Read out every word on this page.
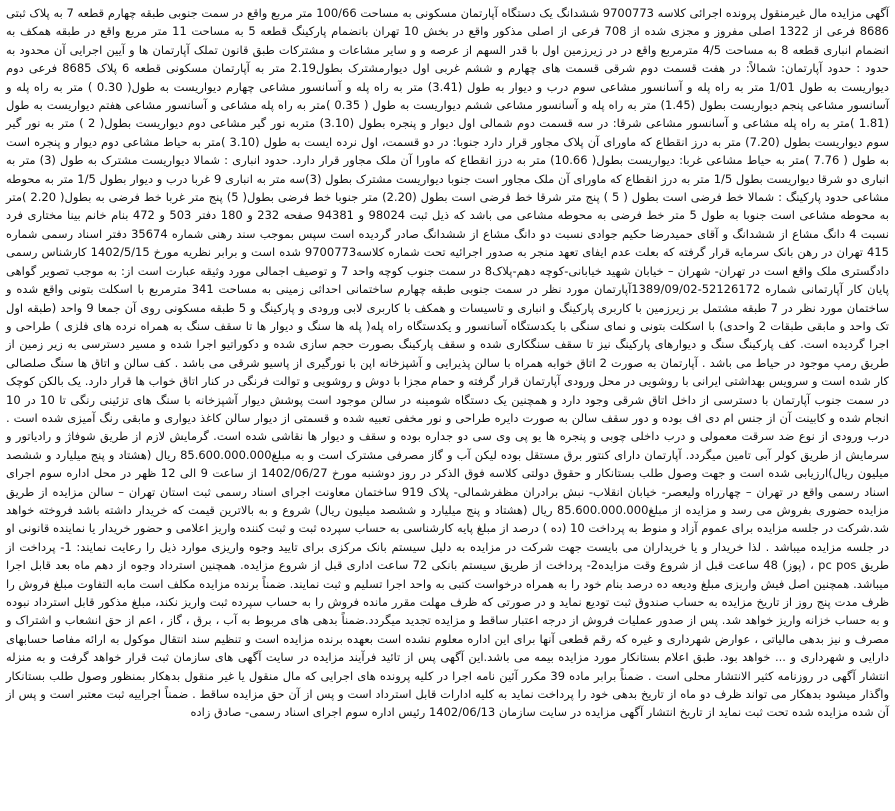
آگهی مزایده مال غیرمنقول پرونده اجرائی کلاسه 9700773 ششدانگ یک دستگاه آپارتمان مسکونی به مساحت 100/66 متر مربع واقع در سمت جنوبی طبقه چهارم قطعه 7 به پلاک ثبتی 8686 فرعی از 1322 اصلی مفروز و مجزی شده از 708 فرعی از اصلی مذکور واقع در بخش 10 تهران بانضمام پارکینگ قطعه 5 به مساحت 11 متر مربع واقع در طبقه همکف به انضمام انباری قطعه 8 به مساحت 4/5 مترمربع واقع در در زیرزمین اول با قدر السهم از عرصه و و سایر مشاعات و مشترکات طبق قانون تملک آپارتمان ها و آیین اجرایی آن محدود به حدود : حدود آپارتمان: شمالاً: در هفت قسمت دوم شرقی قسمت های چهارم و ششم غربی اول دیوارمشترک بطول2.19 متر به آپارتمان مسکونی قطعه 6 پلاک 8685 فرعی دوم دیواریست به طول 1/01 متر به راه پله و آسانسور مشاعی سوم درب و دیوار به طول (3.41) متر به راه پله و آسانسور مشاعی چهارم دیواریست به طول( 0.30 ) متر به راه پله و آسانسور مشاعی پنجم دیواریست بطول (1.45) متر به راه پله و آسانسور مشاعی ششم دیواریست به طول ( 0.35 )متر به راه پله مشاعی و آسانسور مشاعی هفتم دیواریست به طول (1.81 )متر به راه پله مشاعی و آسانسور مشاعی شرقا: در سه قسمت دوم شمالی اول دیوار و پنجره بطول (3.10) متربه نور گیر مشاعی دوم دیواریست بطول( 2 ) متر به نور گیر سوم دیواریست بطول (7.20) متر به درز انقطاع که ماورای آن پلاک مجاور قرار دارد جنوبا: در دو قسمت، اول نرده ایست به طول (3.10 )متر به حیاط مشاعی دوم دیوار و پنجره است به طول ( 7.76 )متر به حیاط مشاعی غربا: دیواریست بطول( 10.66) متر به درز انقطاع که ماورا آن ملک مجاور قرار دارد. حدود انباری : شمالا دیواریست مشترک به طول (3) متر به انباری دو شرقا دیواریست بطول 1/5 متر به درز انقطاع که ماورای آن ملک مجاور است جنوبا دیواریست مشترک بطول (3)سه متر به انباری 9 غربا درب و دیوار بطول 1/5 متر به محوطه مشاعی حدود پارکینگ : شمالا خط فرضی است بطول ( 5 ) پنج متر شرقا خط فرضی است بطول (2.20) متر جنوبا خط فرضی بطول( 5) پنج متر غربا خط فرضی به بطول( 2.20 )متر به محوطه مشاعی است جنوبا به طول 5 متر خط فرضی به محوطه مشاعی می باشد که ذیل ثبت 98024 و 94381 صفحه 232 و 180 دفتر 503 و 472 بنام خانم بینا مختاری فرد نسبت 4 دانگ مشاع از ششدانگ و آقای حمیدرضا حکیم جوادی نسبت دو دانگ مشاع از ششدانگ صادر گردیده است سپس بموجب سند رهنی شماره 35674 دفتر اسناد رسمی شماره 415 تهران در رهن بانک سرمایه قرار گرفته که بعلت عدم ایفای تعهد منجر به صدور اجرائیه تحت شماره کلاسه9700773 شده است و برابر نظریه مورخ 1402/5/15 کارشناس رسمی دادگستری ملک واقع است در تهران- شهران – خیابان شهید خیابانی-کوچه دهم-پلاک8 در سمت جنوب کوچه واحد 7 و توصیف اجمالی مورد وثیقه عبارت است از: به موجب تصویر گواهی پایان کار آپارتمانی شماره 52126172-1389/09/02آپارتمان مورد نظر در سمت جنوبی طبقه چهارم ساختمانی احداثی زمینی به مساحت 341 مترمربع با اسکلت بتونی واقع شده و ساختمان مورد نظر در 7 طبقه مشتمل بر زیرزمین با کاربری پارکینگ و انباری و تاسیسات و همکف با کاربری لابی ورودی و پارکینگ و 5 طبقه مسکونی روی آن جمعا 9 واحد (طبقه اول تک واحد و مابقی طبقات 2 واحدی) با اسکلت بتونی و نمای سنگی با یکدستگاه آسانسور و یکدستگاه راه پله( پله ها سنگ و دیوار ها تا سقف سنگ به همراه نرده های فلزی ) طراحی و اجرا گردیده است. کف پارکینگ سنگ و دیوارهای پارکینگ نیز تا سقف سنگکاری شده و سقف پارکینگ بصورت حجم سازی شده و دکوراتیو اجرا شده و مسیر دسترسی به زیر زمین از طریق رمپ موجود در حیاط می باشد . آپارتمان به صورت 2 اتاق خوابه همراه با سالن پذیرایی و آشپزخانه اپن با نورگیری از پاسیو شرقی می باشد . کف سالن و اتاق ها سنگ صلصالی کار شده است و سرویس بهداشتی ایرانی با روشویی در محل ورودی آپارتمان قرار گرفته و حمام مجزا با دوش و روشویی و توالت فرنگی در کنار اتاق خواب ها قرار دارد. یک بالکن کوچک در سمت جنوب آپارتمان با دسترسی از داخل اتاق شرقی وجود دارد و همچنین یک دستگاه شومینه در سالن موجود است پوشش دیوار آشپزخانه با سنگ های تزئینی رنگی تا 10 در 10 انجام شده و کابینت آن از جنس ام دی اف بوده و دور سقف سالن به صورت دایره طراحی و نور مخفی تعبیه شده و قسمتی از دیوار سالن کاغذ دیواری و مابقی رنگ آمیزی شده است . درب ورودی از نوع ضد سرقت معمولی و درب داخلی چوبی و پنجره ها یو پی وی سی دو جداره بوده و سقف و دیوار ها نقاشی شده است. گرمایش لازم از طریق شوفاژ و رادیاتور و سرمایش از طریق کولر آبی تامین میگردد. آپارتمان دارای کنتور برق مستقل بوده لیکن آب و گاز مصرفی مشترک است و به مبلغ85.600.000.000 ریال (هشتاد و پنج میلیارد و ششصد میلیون ریال)ارزیابی شده است و جهت وصول طلب بستانکار و حقوق دولتی کلاسه فوق الذکر در روز دوشنبه مورخ 1402/06/27 از ساعت 9 الی 12 ظهر در محل اداره سوم اجرای اسناد رسمی واقع در تهران – چهارراه ولیعصر- خیابان انقلاب- نبش برادران مظفرشمالی- پلاک 919 ساختمان معاونت اجرای اسناد رسمی ثبت استان تهران – سالن مزایده از طریق مزایده حضوری بفروش می رسد و مزایده از مبلغ85.600.000.000 ریال (هشتاد و پنج میلیارد و ششصد میلیون ریال) شروع و به بالاترین قیمت که خریدار داشته باشد فروخته خواهد شد.شرکت در جلسه مزایده برای عموم آزاد و منوط به پرداخت 10 (ده ) درصد از مبلغ پایه کارشناسی به حساب سپرده ثبت و ثبت کننده واریز اعلامی و حضور خریدار یا نماینده قانونی او در جلسه مزایده میباشد . لذا خریدار و یا خریداران می بایست جهت شرکت در مزایده به دلیل سیستم بانک مرکزی برای تایید وجوه واریزی موارد ذیل را رعایت نمایند: 1- پرداخت از طریق pc pos ، (پوز) 48 ساعت قبل از شروع وقت مزایده2- پرداخت از طریق سیستم بانکی 72 ساعت اداری قبل از شروع مزایده. همچنین استرداد وجوه از دهم ماه بعد قابل اجرا میباشد. همچنین اصل فیش واریزی مبلغ ودیعه ده درصد بنام خود را به همراه درخواست کتبی به واحد اجرا تسلیم و ثبت نمایند. ضمناً برنده مزایده مکلف است مابه التفاوت مبلغ فروش را ظرف مدت پنج روز از تاریخ مزایده به حساب صندوق ثبت تودیع نماید و در صورتی که ظرف مهلت مقرر مانده فروش را به حساب سپرده ثبت واریز نکند، مبلغ مذکور قابل استرداد نبوده و به حساب خزانه واریز خواهد شد. پس از صدور عملیات فروش از درجه اعتبار ساقط و مزایده تجدید میگردد.ضمناً بدهی های مربوط به آب ، برق ، گاز ، اعم از حق انشعاب و اشتراک و مصرف و نیز بدهی مالیاتی ، عوارض شهرداری و غیره که رقم قطعی آنها برای این اداره معلوم نشده است بعهده برنده مزایده است و تنظیم سند انتقال موکول به ارائه مفاصا حسابهای دارایی و شهرداری و ... خواهد بود. طبق اعلام بستانکار مورد مزایده بیمه می باشد.این آگهی پس از تائید فرآیند مزایده در سایت آگهی های سازمان ثبت قرار خواهد گرفت و به منزله انتشار آگهی در روزنامه کثیر الانتشار محلی است . ضمناً برابر ماده 39 مکرر آئین نامه اجرا در کلیه پرونده های اجرایی که مال منقول یا غیر منقول بدهکار بمنظور وصول طلب بستانکار واگذار میشود بدهکار می تواند ظرف دو ماه از تاریخ بدهی خود را پرداخت نماید به کلیه ادارات قابل استرداد است و پس از آن حق مزایده ساقط . ضمناً اجراییه ثبت معتبر است و پس از آن شده مزایده شده تحت ثبت نماید از تاریخ انتشار آگهی مزایده در سایت سازمان 1402/06/13 رئیس اداره سوم اجرای اسناد رسمی- صادق زاده
